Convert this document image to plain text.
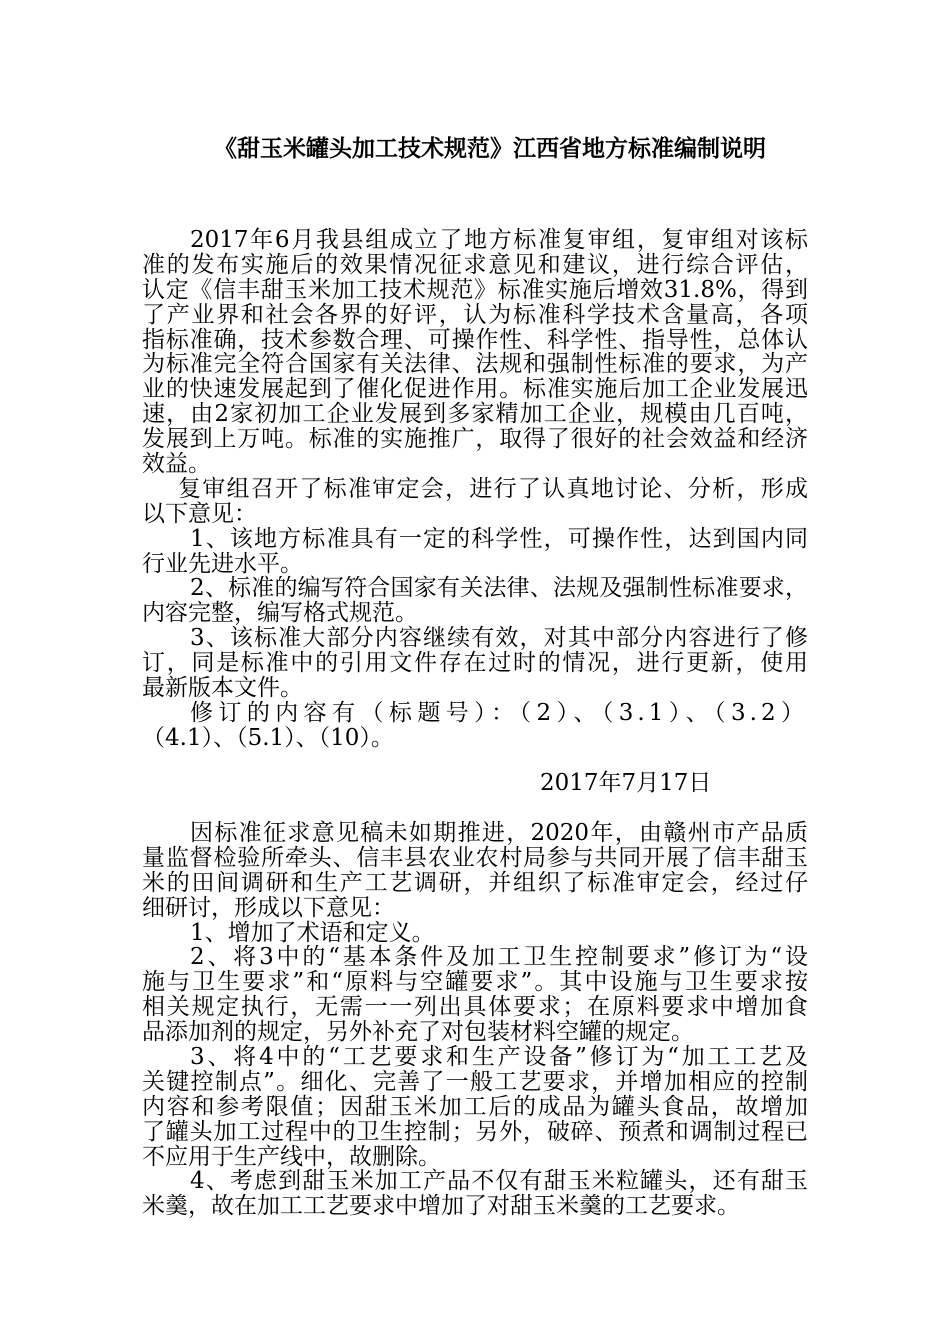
《甜玉米罐头加工技术规范》江西省地方标准编制说明
2017年6月我县组成立了地方标准复审组，复审组对该标
准的发布实施后的效果情况征求意见和建议，进行综合评估，
认定《信丰甜玉米加工技术规范》标准实施后增效31.8%，得到
了产业界和社会各界的好评，认为标准科学技术含量高，各项
指标准确，技术参数合理、可操作性、科学性、指导性，总体认
为标准完全符合国家有关法律、法规和强制性标准的要求，为产
业的快速发展起到了催化促进作用。标准实施后加工企业发展迅
速，由2家初加工企业发展到多家精加工企业，规模由几百吨，
发展到上万吨。标准的实施推广，取得了很好的社会效益和经济
效益。
复审组召开了标准审定会，进行了认真地讨论、分析，形成
以下意见：
1、该地方标准具有一定的科学性，可操作性，达到国内同
行业先进水平。
2、标准的编写符合国家有关法律、法规及强制性标准要求，
内容完整，编写格式规范。
3、该标准大部分内容继续有效，对其中部分内容进行了修
订，同是标准中的引用文件存在过时的情况，进行更新，使用
最新版本文件。
修订的内容有（标题号）：（2）、（3.1）、（3.2）
（4.1）、（5.1）、（10）。
2017年7月17日
因标准征求意见稿未如期推进，2020年，由赣州市产品质
量监督检验所牵头、信丰县农业农村局参与共同开展了信丰甜玉
米的田间调研和生产工艺调研，并组织了标准审定会，经过仔
细研讨，形成以下意见：
1、增加了术语和定义。
2、将3中的“基本条件及加工卫生控制要求”修订为“设
施与卫生要求”和“原料与空罐要求”。其中设施与卫生要求按
相关规定执行，无需一一列出具体要求；在原料要求中增加食
品添加剂的规定，另外补充了对包装材料空罐的规定。
3、将4中的“工艺要求和生产设备”修订为“加工工艺及
关键控制点”。细化、完善了一般工艺要求，并增加相应的控制
内容和参考限值；因甜玉米加工后的成品为罐头食品，故增加
了罐头加工过程中的卫生控制；另外，破碎、预煮和调制过程已
不应用于生产线中，故删除。
4、考虑到甜玉米加工产品不仅有甜玉米粒罐头，还有甜玉
米羹，故在加工工艺要求中增加了对甜玉米羹的工艺要求。
